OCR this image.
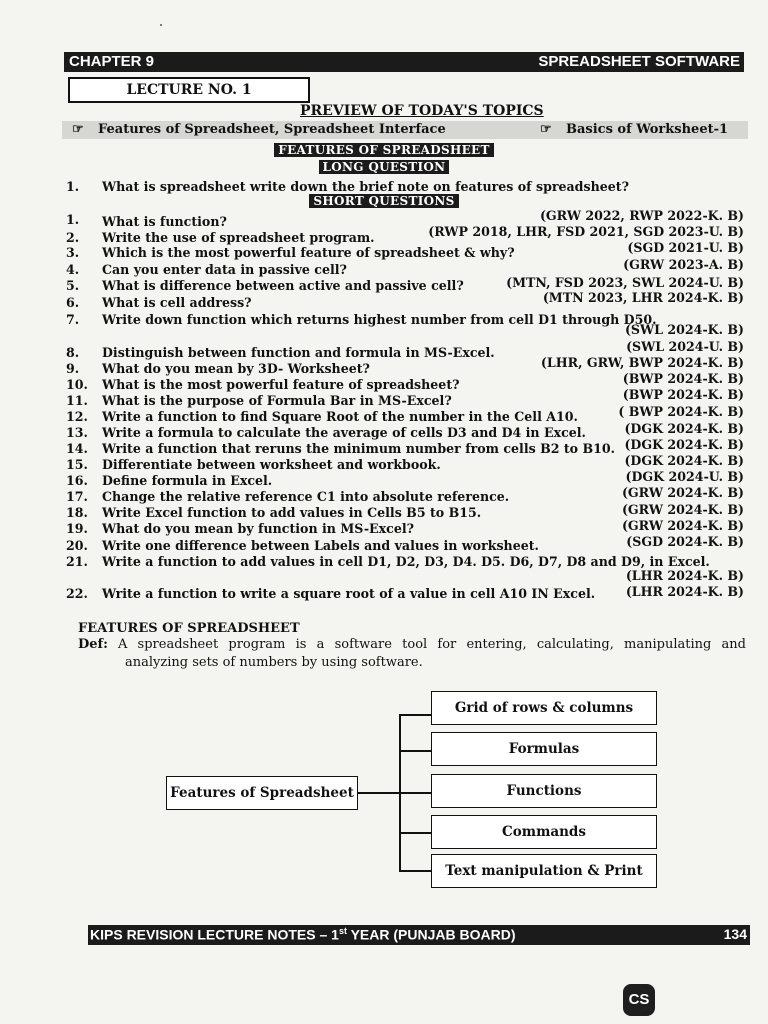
CHAPTER 9	SPREADSHEET SOFTWARE
LECTURE NO. 1
PREVIEW OF TODAY'S TOPICS
☞ Features of Spreadsheet, Spreadsheet Interface	☞ Basics of Worksheet-1
FEATURES OF SPREADSHEET
LONG QUESTION
1. What is spreadsheet write down the brief note on features of spreadsheet?
SHORT QUESTIONS
1. What is function?	(GRW 2022, RWP 2022-K. B)
2. Write the use of spreadsheet program.	(RWP 2018, LHR, FSD 2021, SGD 2023-U. B)
3. Which is the most powerful feature of spreadsheet & why?	(SGD 2021-U. B)
4. Can you enter data in passive cell?	(GRW 2023-A. B)
5. What is difference between active and passive cell?	(MTN, FSD 2023, SWL 2024-U. B)
6. What is cell address?	(MTN 2023, LHR 2024-K. B)
7. Write down function which returns highest number from cell D1 through D50.
(SWL 2024-K. B)
8. Distinguish between function and formula in MS-Excel.	(SWL 2024-U. B)
9. What do you mean by 3D- Worksheet?	(LHR, GRW, BWP 2024-K. B)
10. What is the most powerful feature of spreadsheet?	(BWP 2024-K. B)
11. What is the purpose of Formula Bar in MS-Excel?	(BWP 2024-K. B)
12. Write a function to find Square Root of the number in the Cell A10.	( BWP 2024-K. B)
13. Write a formula to calculate the average of cells D3 and D4 in Excel.	(DGK 2024-K. B)
14. Write a function that reruns the minimum number from cells B2 to B10. (DGK 2024-K. B)
15. Differentiate between worksheet and workbook.	(DGK 2024-K. B)
16. Define formula in Excel.	(DGK 2024-U. B)
17. Change the relative reference C1 into absolute reference.	(GRW 2024-K. B)
18. Write Excel function to add values in Cells B5 to B15.	(GRW 2024-K. B)
19. What do you mean by function in MS-Excel?	(GRW 2024-K. B)
20. Write one difference between Labels and values in worksheet.	(SGD 2024-K. B)
21. Write a function to add values in cell D1, D2, D3, D4. D5. D6, D7, D8 and D9, in Excel.
(LHR 2024-K. B)
22. Write a function to write a square root of a value in cell A10 IN Excel. (LHR 2024-K. B)
FEATURES OF SPREADSHEET
Def: A spreadsheet program is a software tool for entering, calculating, manipulating and
analyzing sets of numbers by using software.
Features of Spreadsheet
Grid of rows & columns
Formulas
Functions
Commands
Text manipulation & Print
KIPS REVISION LECTURE NOTES – 1st YEAR (PUNJAB BOARD)	134
CS
